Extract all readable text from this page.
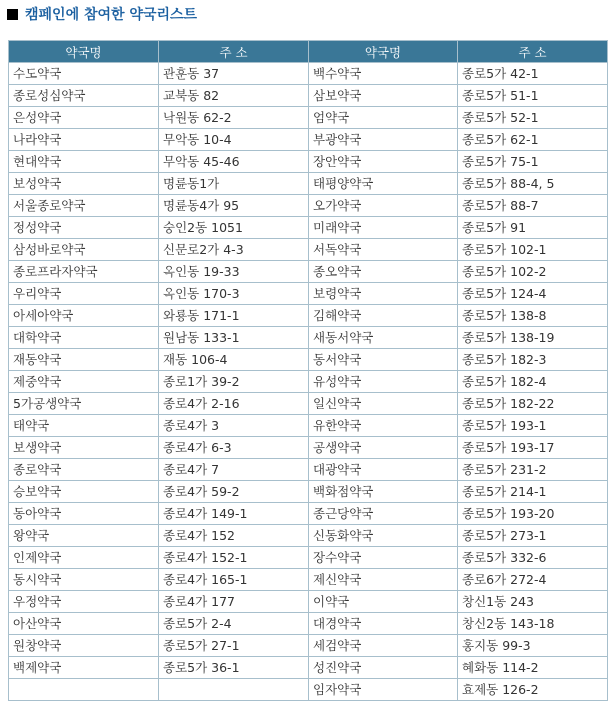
캠페인에 참여한 약국리스트
약국명	주 소	약국명	주 소
수도약국	관훈동 37	백수약국	종로5가 42-1
종로성심약국	교북동 82	삼보약국	종로5가 51-1
은성약국	낙원동 62-2	엄약국	종로5가 52-1
나라약국	무악동 10-4	부광약국	종로5가 62-1
현대약국	무악동 45-46	장안약국	종로5가 75-1
보성약국	명륜동1가	태평양약국	종로5가 88-4, 5
서울종로약국	명륜동4가 95	오가약국	종로5가 88-7
정성약국	숭인2동 1051	미래약국	종로5가 91
삼성바로약국	신문로2가 4-3	서독약국	종로5가 102-1
종로프라자약국	옥인동 19-33	종오약국	종로5가 102-2
우리약국	옥인동 170-3	보령약국	종로5가 124-4
아세아약국	와룡동 171-1	김해약국	종로5가 138-8
대학약국	원남동 133-1	새동서약국	종로5가 138-19
재동약국	재동 106-4	동서약국	종로5가 182-3
제중약국	종로1가 39-2	유성약국	종로5가 182-4
5가공생약국	종로4가 2-16	일신약국	종로5가 182-22
태약국	종로4가 3	유한약국	종로5가 193-1
보생약국	종로4가 6-3	공생약국	종로5가 193-17
종로약국	종로4가 7	대광약국	종로5가 231-2
승보약국	종로4가 59-2	백화점약국	종로5가 214-1
동아약국	종로4가 149-1	종근당약국	종로5가 193-20
왕약국	종로4가 152	신동화약국	종로5가 273-1
인제약국	종로4가 152-1	장수약국	종로5가 332-6
동시약국	종로4가 165-1	제신약국	종로6가 272-4
우정약국	종로4가 177	이약국	창신1동 243
아산약국	종로5가 2-4	대경약국	창신2동 143-18
원창약국	종로5가 27-1	세검약국	홍지동 99-3
백제약국	종로5가 36-1	성진약국	혜화동 114-2
		임자약국	효제동 126-2
